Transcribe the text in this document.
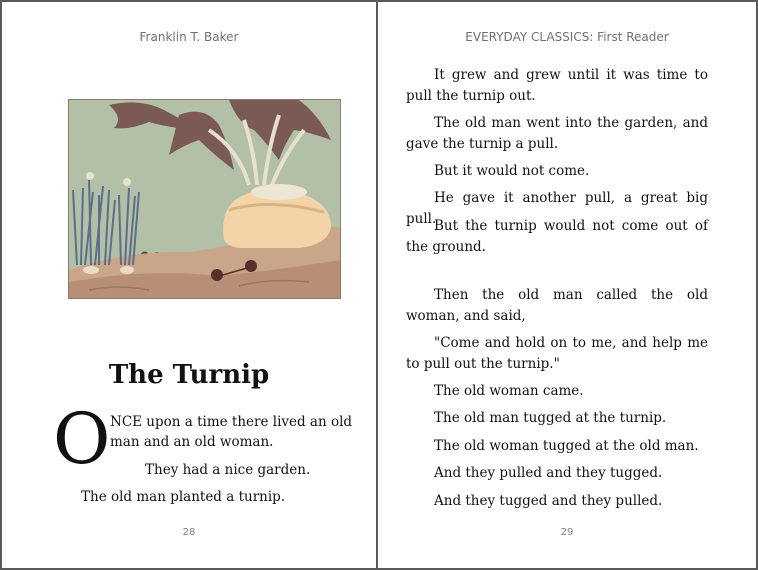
Franklin T. Baker
The Turnip
O NCE upon a time there lived an old
man and an old woman.
They had a nice garden.
The old man planted a turnip.
28
EVERYDAY CLASSICS: First Reader

It grew and grew until it was time to pull the turnip out.

The old man went into the garden, and gave the turnip a pull.

But it would not come.

He gave it another pull, a great big pull.

But the turnip would not come out of the ground.

Then the old man called the old woman, and said,

"Come and hold on to me, and help me to pull out the turnip."

The old woman came.

The old man tugged at the turnip.

The old woman tugged at the old man.

And they pulled and they tugged.

And they tugged and they pulled.

29
